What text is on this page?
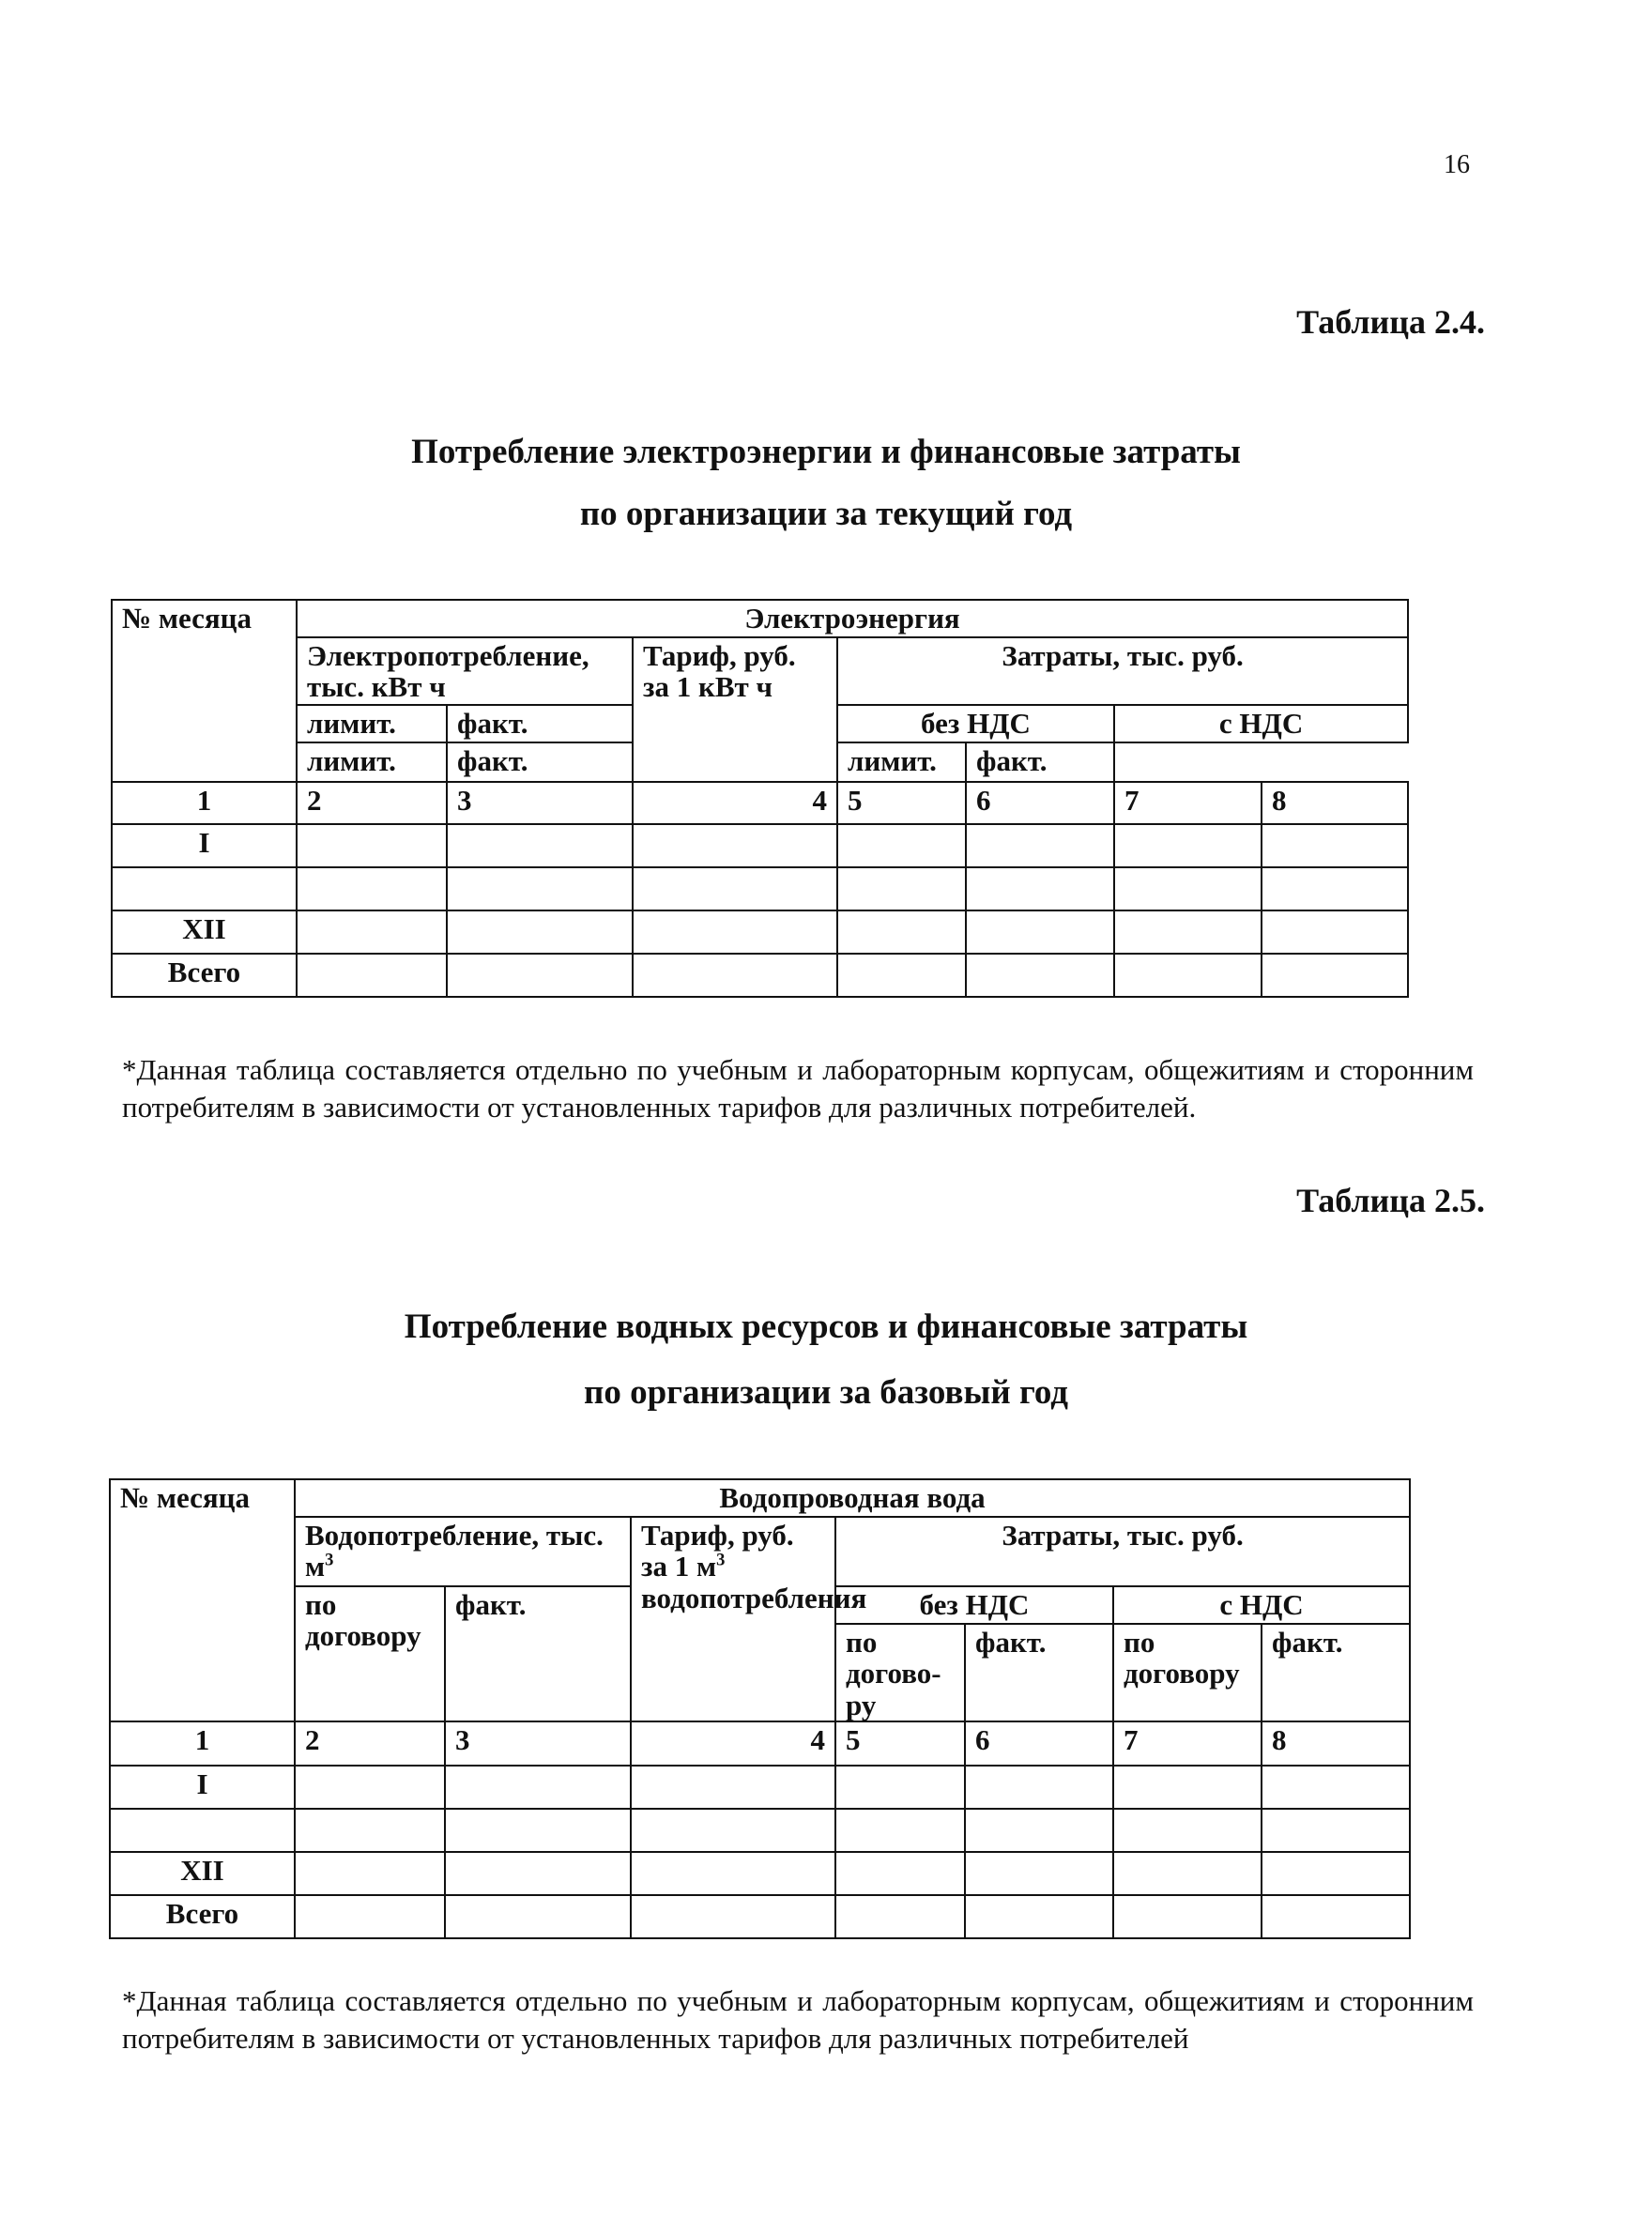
16
Таблица 2.4.
Потребление электроэнергии и финансовые затраты
по организации за текущий год
№ месяца	Электроэнергия						
	Электропотребление, тыс. кВт ч		Тариф, руб. за 1 кВт ч	Затраты, тыс. руб.			
	лимит.	факт.		без НДС		с НДС	
	лимит.	факт.		лимит.	факт.		
1	2	3	4	5	6	7	8
I							

XII							
Всего							
*Данная таблица составляется отдельно по учебным и лабораторным корпусам, общежитиям и сторонним потребителям в зависимости от установленных тарифов для различных потребителей.
Таблица 2.5.
Потребление водных ресурсов и финансовые затраты
по организации за базовый год
№ месяца	Водопроводная вода						
	Водопотребление, тыс. $м^3$		Тариф, руб. за 1 $м^3$ водопотребления	Затраты, тыс. руб.			
	по договору	факт.		без НДС		с НДС	
				по догово- ру	факт.	по договору	факт.
1	2	3	4	5	6	7	8
I							

XII							
Всего							
*Данная таблица составляется отдельно по учебным и лабораторным корпусам, общежитиям и сторонним потребителям в зависимости от установленных тарифов для различных потребителей
